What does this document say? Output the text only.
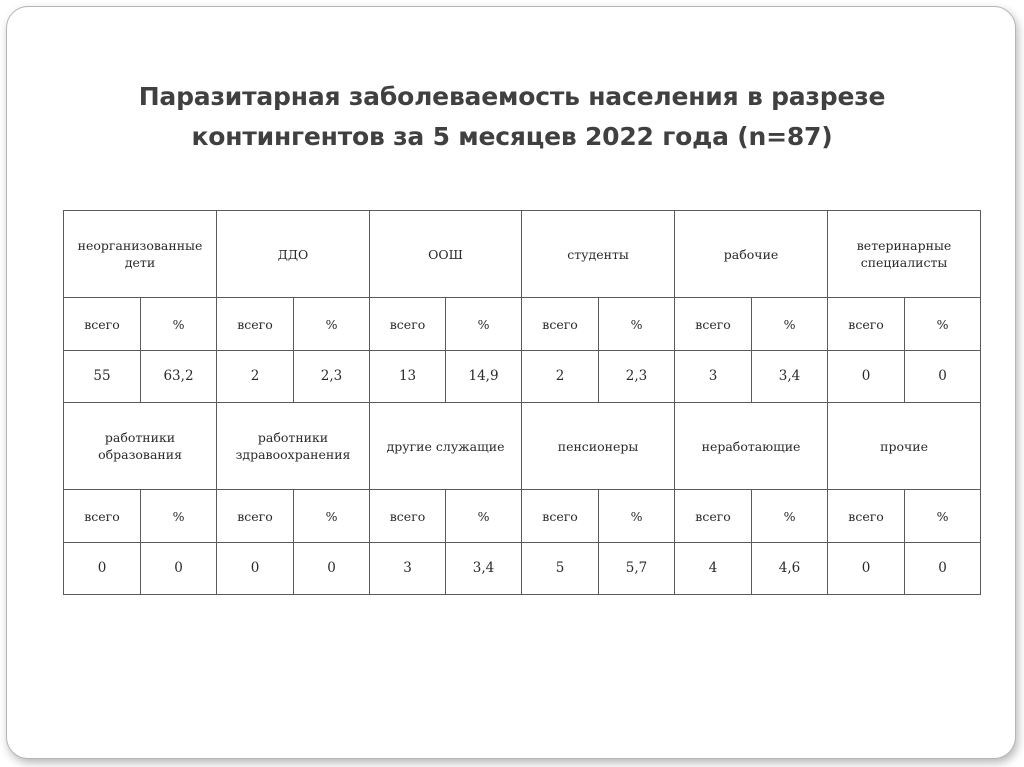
Паразитарная заболеваемость населения в разрезе
контингентов за 5 месяцев 2022 года (n=87)
неорганизованные дети		ДДО		ООШ		студенты		рабочие		ветеринарные специалисты	
всего	%	всего	%	всего	%	всего	%	всего	%	всего	%
55	63,2	2	2,3	13	14,9	2	2,3	3	3,4	0	0
работники образования		работники здравоохранения		другие служащие		пенсионеры		неработающие		прочие	
всего	%	всего	%	всего	%	всего	%	всего	%	всего	%
0	0	0	0	3	3,4	5	5,7	4	4,6	0	0
